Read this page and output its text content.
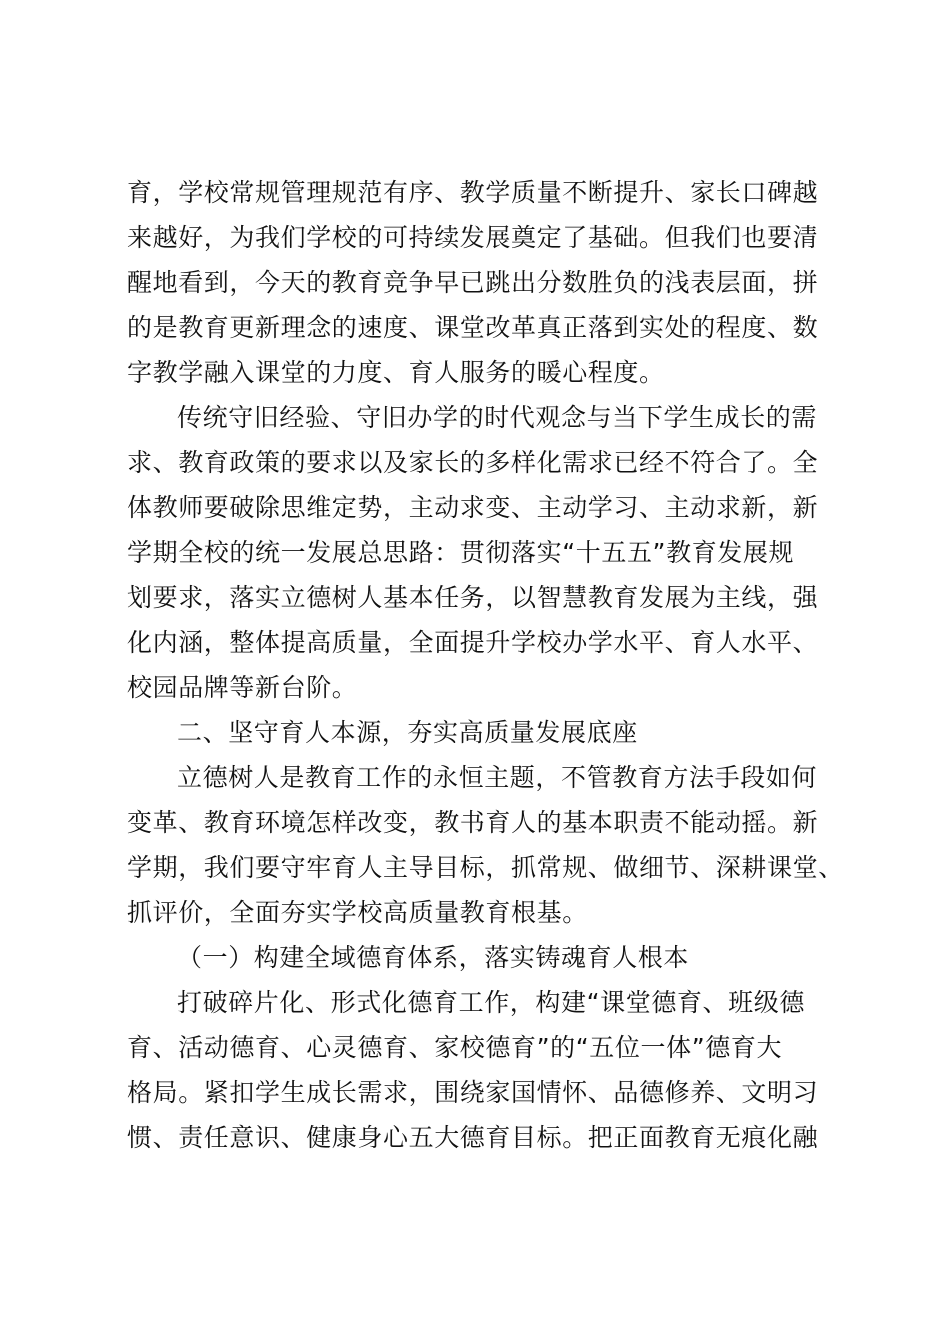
育，学校常规管理规范有序、教学质量不断提升、家长口碑越
来越好，为我们学校的可持续发展奠定了基础。但我们也要清
醒地看到，今天的教育竞争早已跳出分数胜负的浅表层面，拼
的是教育更新理念的速度、课堂改革真正落到实处的程度、数
字教学融入课堂的力度、育人服务的暖心程度。
传统守旧经验、守旧办学的时代观念与当下学生成长的需
求、教育政策的要求以及家长的多样化需求已经不符合了。全
体教师要破除思维定势，主动求变、主动学习、主动求新，新
学期全校的统一发展总思路：贯彻落实“十五五”教育发展规
划要求，落实立德树人基本任务，以智慧教育发展为主线，强
化内涵，整体提高质量，全面提升学校办学水平、育人水平、
校园品牌等新台阶。
二、坚守育人本源，夯实高质量发展底座
立德树人是教育工作的永恒主题，不管教育方法手段如何
变革、教育环境怎样改变，教书育人的基本职责不能动摇。新
学期，我们要守牢育人主导目标，抓常规、做细节、深耕课堂、
抓评价，全面夯实学校高质量教育根基。
（一）构建全域德育体系，落实铸魂育人根本
打破碎片化、形式化德育工作，构建“课堂德育、班级德
育、活动德育、心灵德育、家校德育”的“五位一体”德育大
格局。紧扣学生成长需求，围绕家国情怀、品德修养、文明习
惯、责任意识、健康身心五大德育目标。把正面教育无痕化融
